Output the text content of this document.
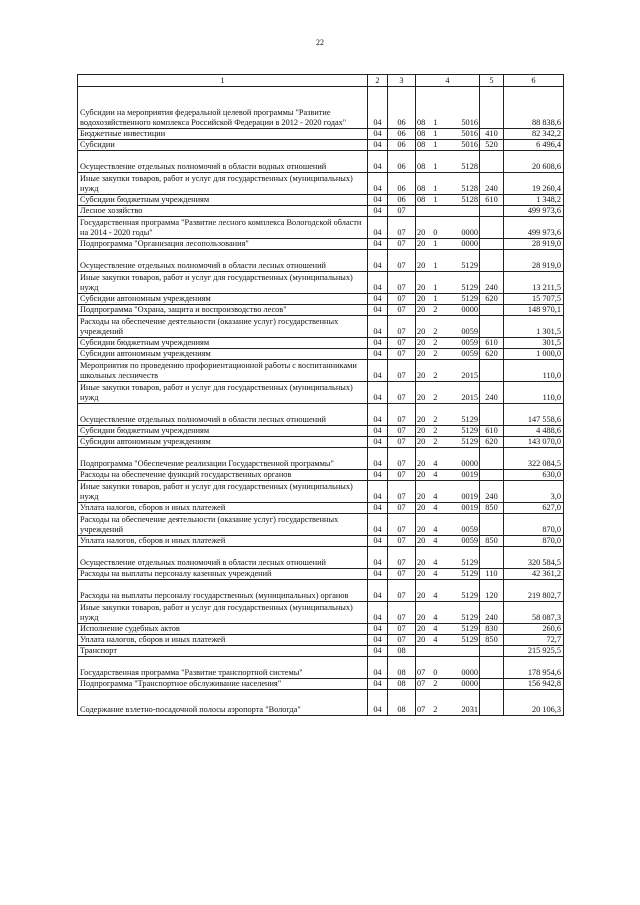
22
1	2	3	4	5	6
Субсидии на мероприятия федеральной целевой программы "Развитие водохозяйственного комплекса Российской Федерации в 2012 - 2020 годах"	04	06	08 1 5016		88 838,6
Бюджетные инвестиции	04	06	08 1 5016	410	82 342,2
Субсидии	04	06	08 1 5016	520	6 496,4
Осуществление отдельных полномочий в области водных отношений	04	06	08 1 5128		20 608,6
Иные закупки товаров, работ и услуг для государственных (муниципальных) нужд	04	06	08 1 5128	240	19 260,4
Субсидии бюджетным учреждениям	04	06	08 1 5128	610	1 348,2
Лесное хозяйство	04	07			499 973,6
Государственная программа "Развитие лесного комплекса Вологодской области на 2014 - 2020 годы"	04	07	20 0 0000		499 973,6
Подпрограмма "Организация лесопользования"	04	07	20 1 0000		28 919,0
Осуществление отдельных полномочий в области лесных отношений	04	07	20 1 5129		28 919,0
Иные закупки товаров, работ и услуг для государственных (муниципальных) нужд	04	07	20 1 5129	240	13 211,5
Субсидии автономным учреждениям	04	07	20 1 5129	620	15 707,5
Подпрограмма "Охрана, защита и воспроизводство лесов"	04	07	20 2 0000		148 970,1
Расходы на обеспечение деятельности (оказание услуг) государственных учреждений	04	07	20 2 0059		1 301,5
Субсидии бюджетным учреждениям	04	07	20 2 0059	610	301,5
Субсидии автономным учреждениям	04	07	20 2 0059	620	1 000,0
Мероприятия по проведению профориентационной работы с воспитанниками школьных лесничеств	04	07	20 2 2015		110,0
Иные закупки товаров, работ и услуг для государственных (муниципальных) нужд	04	07	20 2 2015	240	110,0
Осуществление отдельных полномочий в области лесных отношений	04	07	20 2 5129		147 558,6
Субсидии бюджетным учреждениям	04	07	20 2 5129	610	4 488,6
Субсидии автономным учреждениям	04	07	20 2 5129	620	143 070,0
Подпрограмма "Обеспечение реализации Государственной программы"	04	07	20 4 0000		322 084,5
Расходы на обеспечение функций государственных органов	04	07	20 4 0019		630,0
Иные закупки товаров, работ и услуг для государственных (муниципальных) нужд	04	07	20 4 0019	240	3,0
Уплата налогов, сборов и иных платежей	04	07	20 4 0019	850	627,0
Расходы на обеспечение деятельности (оказание услуг) государственных учреждений	04	07	20 4 0059		870,0
Уплата налогов, сборов и иных платежей	04	07	20 4 0059	850	870,0
Осуществление отдельных полномочий в области лесных отношений	04	07	20 4 5129		320 584,5
Расходы на выплаты персоналу казенных учреждений	04	07	20 4 5129	110	42 361,2
Расходы на выплаты персоналу государственных (муниципальных) органов	04	07	20 4 5129	120	219 802,7
Иные закупки товаров, работ и услуг для государственных (муниципальных) нужд	04	07	20 4 5129	240	58 087,3
Исполнение судебных актов	04	07	20 4 5129	830	260,6
Уплата налогов, сборов и иных платежей	04	07	20 4 5129	850	72,7
Транспорт	04	08			215 925,5
Государственная программа "Развитие транспортной системы"	04	08	07 0 0000		178 954,6
Подпрограмма "Транспортное обслуживание населения"	04	08	07 2 0000		156 942,8
Содержание взлетно-посадочной полосы аэропорта "Вологда"	04	08	07 2 2031		20 106,3
